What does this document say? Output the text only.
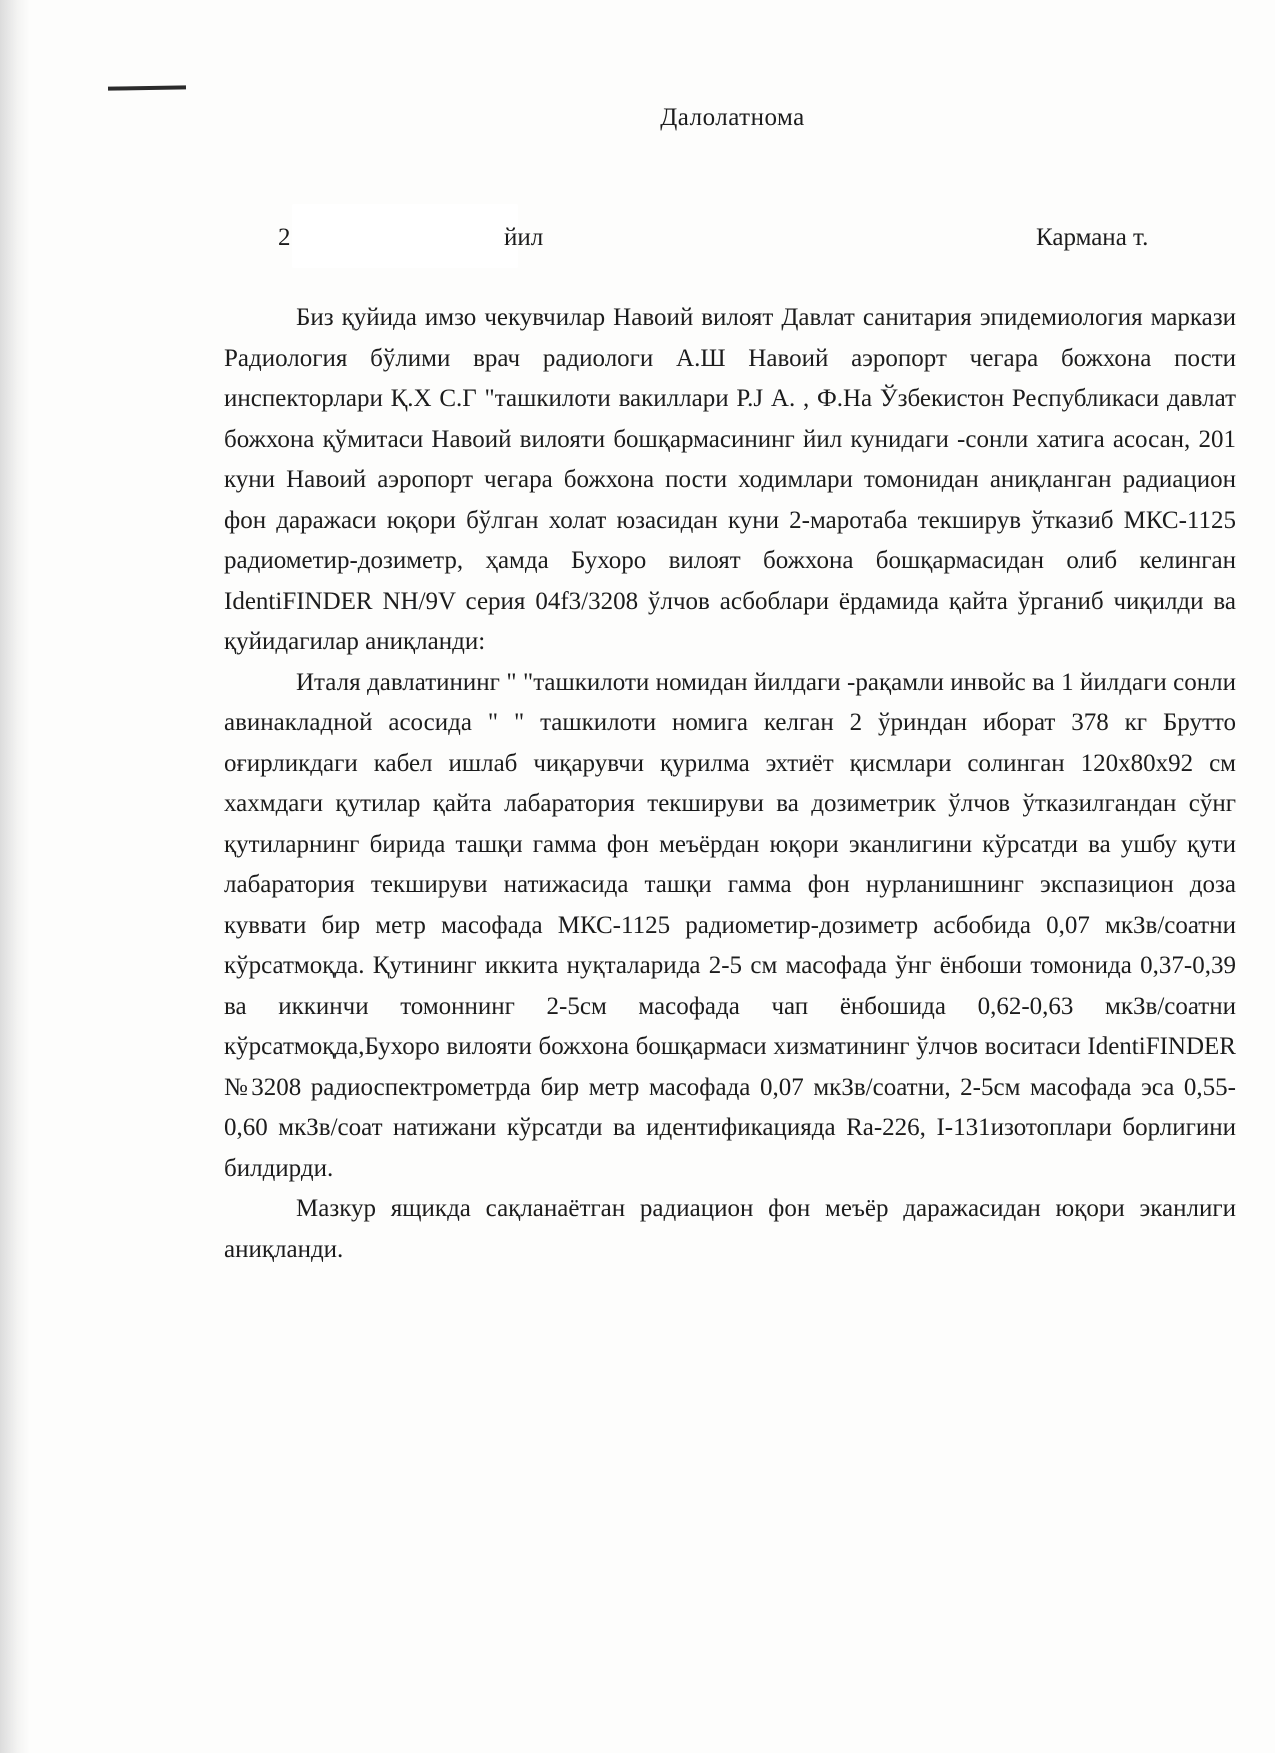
Далолатнома
2	йил	Кармана т.

Биз қуйида имзо чекувчилар Навоий вилоят Давлат санитария эпидемиология маркази Радиология бўлими врач радиологи А.Ш Навоий аэропорт чегара божхона пости инспекторлари Қ.Х С.Г "ташкилоти вакиллари Р.Ј А. , Ф.На Ўзбекистон Республикаси давлат божхона қўмитаси Навоий вилояти бошқармасининг йил кунидаги -сонли хатига асосан, 201 куни Навоий аэропорт чегара божхона пости ходимлари томонидан аниқланган радиацион фон даражаси юқори бўлган холат юзасидан куни 2-маротаба текширув ўтказиб МКС-1125 радиометир-дозиметр, ҳамда Бухоро вилоят божхона бошқармасидан олиб келинган IdentiFINDER NH/9V серия 04f3/3208 ўлчов асбоблари ёрдамида қайта ўрганиб чиқилди ва қуйидагилар аниқланди:

Италя давлатининг " "ташкилоти номидан йилдаги -рақамли инвойс ва 1 йилдаги сонли авинакладной асосида " " ташкилоти номига келган 2 ўриндан иборат 378 кг Брутто оғирликдаги кабел ишлаб чиқарувчи қурилма эхтиёт қисмлари солинган 120х80х92 см хахмдаги қутилар қайта лабаратория текшируви ва дозиметрик ўлчов ўтказилгандан сўнг қутиларнинг бирида ташқи гамма фон меъёрдан юқори эканлигини кўрсатди ва ушбу қути лабаратория текшируви натижасида ташқи гамма фон нурланишнинг экспазицион доза куввати бир метр масофада МКС-1125 радиометир-дозиметр асбобида 0,07 мкЗв/соатни кўрсатмоқда. Қутининг иккита нуқталарида 2-5 см масофада ўнг ёнбоши томонида 0,37-0,39 ва иккинчи томоннинг 2-5см масофада чап ёнбошида 0,62-0,63 мкЗв/соатни кўрсатмоқда,Бухоро вилояти божхона бошқармаси хизматининг ўлчов воситаси IdentiFINDER №3208 радиоспектрометрда бир метр масофада 0,07 мкЗв/соатни, 2-5см масофада эса 0,55-0,60 мкЗв/соат натижани кўрсатди ва идентификацияда Ra-226, I-131изотоплари борлигини билдирди.

Мазкур ящикда сақланаётган радиацион фон меъёр даражасидан юқори эканлиги аниқланди.
